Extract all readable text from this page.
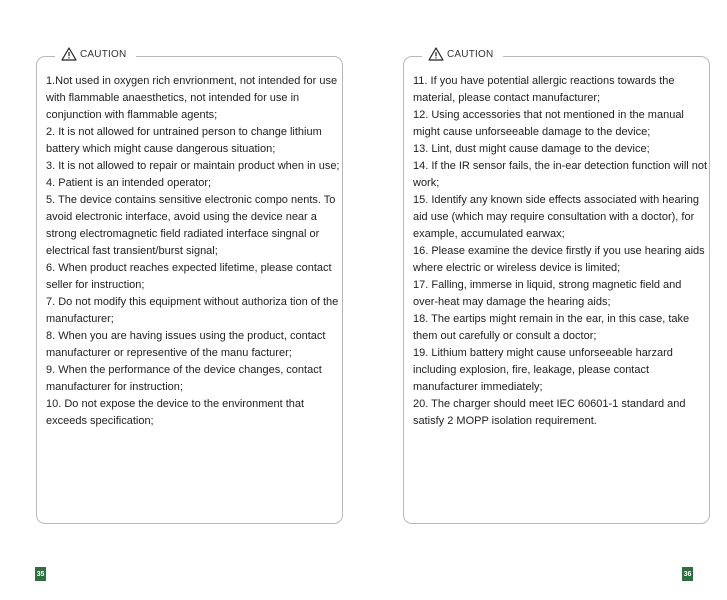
CAUTION
1.Not used in oxygen rich envrionment, not intended for use with flammable anaesthetics, not intended for use in conjunction with flammable agents;
2. It is not allowed for untrained person to change lithium battery which might cause dangerous situation;
3. It is not allowed to repair or maintain product when in use;
4. Patient is an intended operator;
5. The device contains sensitive electronic compo nents. To avoid electronic interface, avoid using the device near a strong electromagnetic field radiated interface singnal or electrical fast transient/burst signal;
6. When product reaches expected lifetime, please contact seller for instruction;
7. Do not modify this equipment without authoriza tion of the manufacturer;
8. When you are having issues using the product, contact manufacturer or representive of the manu facturer;
9. When the performance of the device changes, contact manufacturer for instruction;
10. Do not expose the device to the environment that exceeds specification;
35
CAUTION
11. If you have potential allergic reactions towards the material, please contact manufacturer;
12. Using accessories that not mentioned in the manual might cause unforseeable damage to the device;
13. Lint, dust might cause damage to the device;
14. If the IR sensor fails, the in-ear detection function will not work;
15. Identify any known side effects associated with hearing aid use (which may require consultation with a doctor), for example, accumulated earwax;
16. Please examine the device firstly if you use hearing aids where electric or wireless device is limited;
17. Falling, immerse in liquid, strong magnetic field and over-heat may damage the hearing aids;
18. The eartips might remain in the ear, in this case, take them out carefully or consult a doctor;
19. Lithium battery might cause unforseeable harzard including explosion, fire, leakage, please contact manufacturer immediately;
20. The charger should meet IEC 60601-1 standard and satisfy 2 MOPP isolation requirement.
36
